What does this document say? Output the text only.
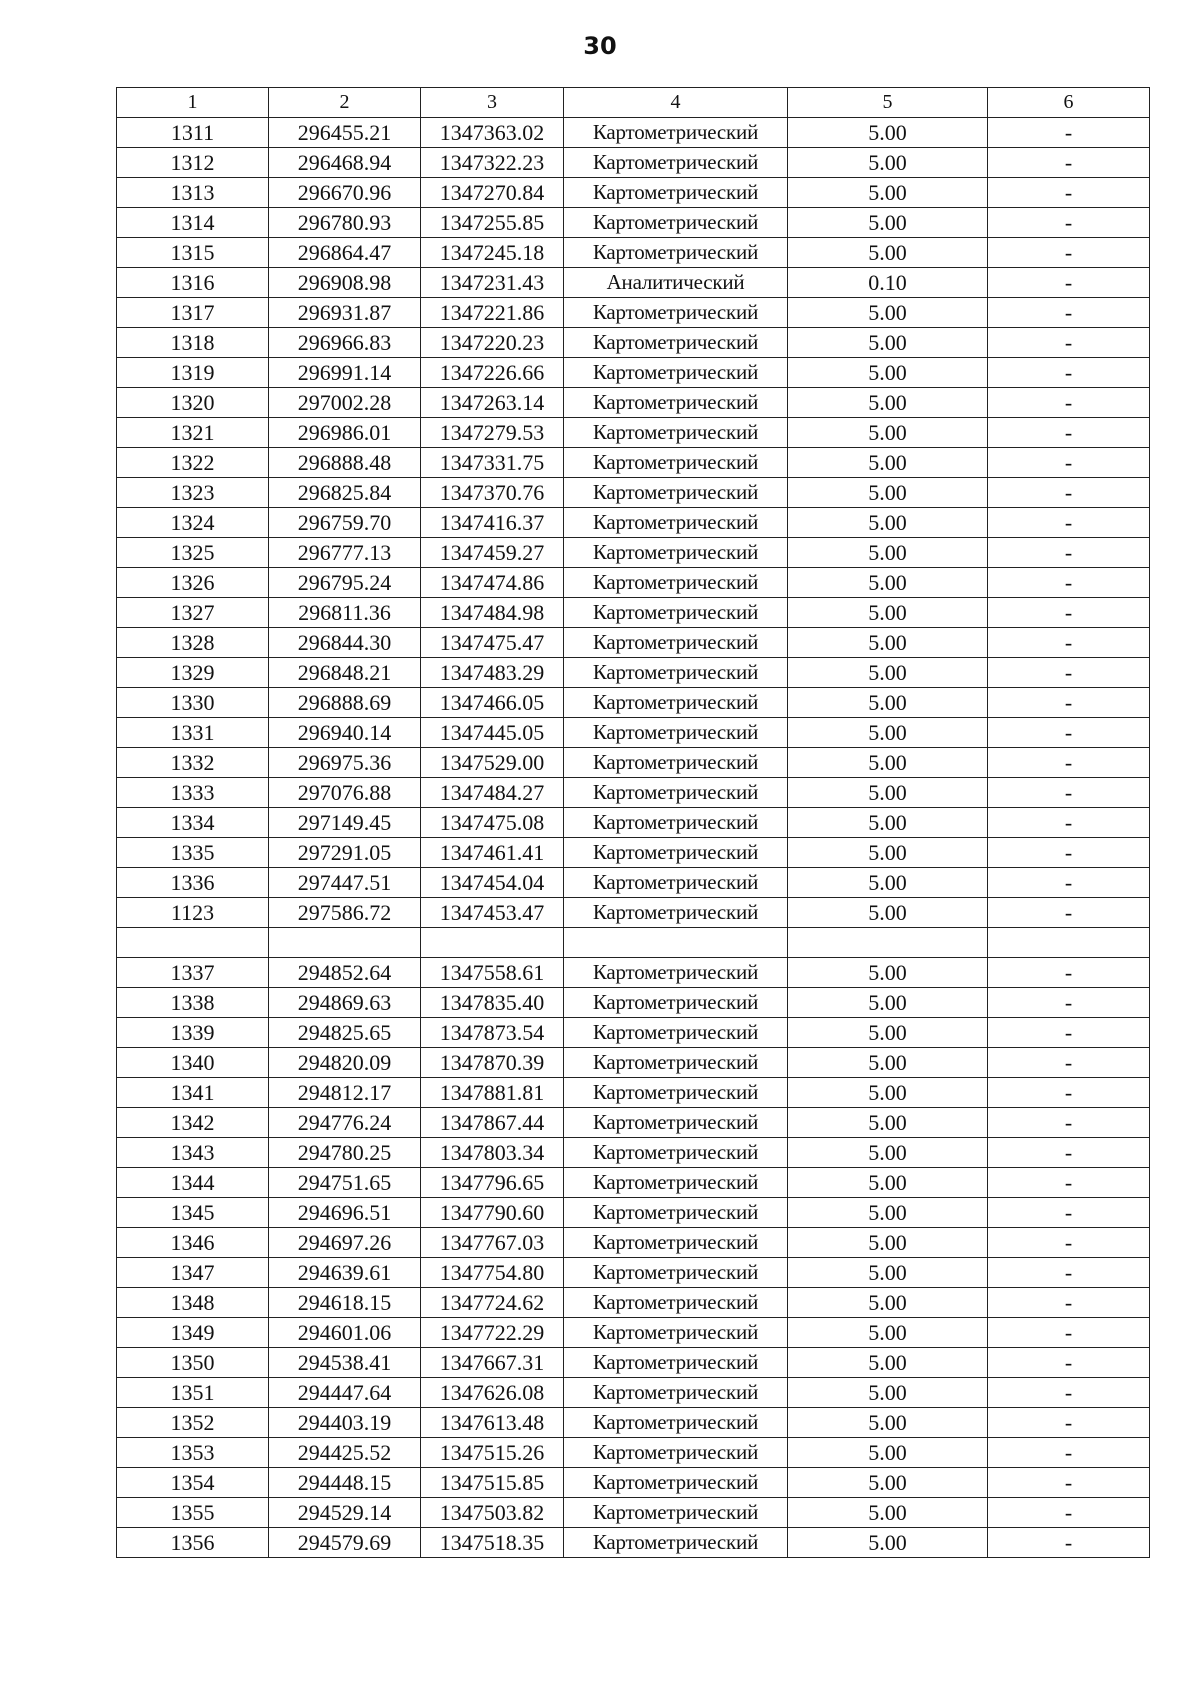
30
1	2	3	4	5	6
1311	296455.21	1347363.02	Картометрический	5.00	-
1312	296468.94	1347322.23	Картометрический	5.00	-
1313	296670.96	1347270.84	Картометрический	5.00	-
1314	296780.93	1347255.85	Картометрический	5.00	-
1315	296864.47	1347245.18	Картометрический	5.00	-
1316	296908.98	1347231.43	Аналитический	0.10	-
1317	296931.87	1347221.86	Картометрический	5.00	-
1318	296966.83	1347220.23	Картометрический	5.00	-
1319	296991.14	1347226.66	Картометрический	5.00	-
1320	297002.28	1347263.14	Картометрический	5.00	-
1321	296986.01	1347279.53	Картометрический	5.00	-
1322	296888.48	1347331.75	Картометрический	5.00	-
1323	296825.84	1347370.76	Картометрический	5.00	-
1324	296759.70	1347416.37	Картометрический	5.00	-
1325	296777.13	1347459.27	Картометрический	5.00	-
1326	296795.24	1347474.86	Картометрический	5.00	-
1327	296811.36	1347484.98	Картометрический	5.00	-
1328	296844.30	1347475.47	Картометрический	5.00	-
1329	296848.21	1347483.29	Картометрический	5.00	-
1330	296888.69	1347466.05	Картометрический	5.00	-
1331	296940.14	1347445.05	Картометрический	5.00	-
1332	296975.36	1347529.00	Картометрический	5.00	-
1333	297076.88	1347484.27	Картометрический	5.00	-
1334	297149.45	1347475.08	Картометрический	5.00	-
1335	297291.05	1347461.41	Картометрический	5.00	-
1336	297447.51	1347454.04	Картометрический	5.00	-
1123	297586.72	1347453.47	Картометрический	5.00	-

1337	294852.64	1347558.61	Картометрический	5.00	-
1338	294869.63	1347835.40	Картометрический	5.00	-
1339	294825.65	1347873.54	Картометрический	5.00	-
1340	294820.09	1347870.39	Картометрический	5.00	-
1341	294812.17	1347881.81	Картометрический	5.00	-
1342	294776.24	1347867.44	Картометрический	5.00	-
1343	294780.25	1347803.34	Картометрический	5.00	-
1344	294751.65	1347796.65	Картометрический	5.00	-
1345	294696.51	1347790.60	Картометрический	5.00	-
1346	294697.26	1347767.03	Картометрический	5.00	-
1347	294639.61	1347754.80	Картометрический	5.00	-
1348	294618.15	1347724.62	Картометрический	5.00	-
1349	294601.06	1347722.29	Картометрический	5.00	-
1350	294538.41	1347667.31	Картометрический	5.00	-
1351	294447.64	1347626.08	Картометрический	5.00	-
1352	294403.19	1347613.48	Картометрический	5.00	-
1353	294425.52	1347515.26	Картометрический	5.00	-
1354	294448.15	1347515.85	Картометрический	5.00	-
1355	294529.14	1347503.82	Картометрический	5.00	-
1356	294579.69	1347518.35	Картометрический	5.00	-
